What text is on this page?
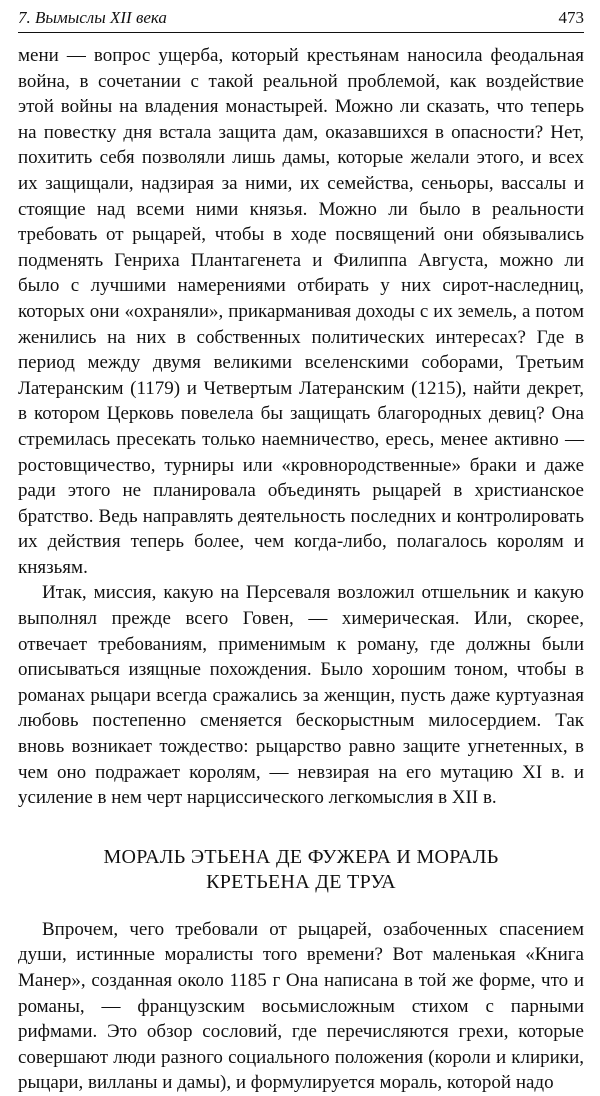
7. Вымыслы XII века	473

мени — вопрос ущерба, который крестьянам наносила феодальная война, в сочетании с такой реальной проблемой, как воздействие этой войны на владения монастырей. Можно ли сказать, что теперь на повестку дня встала защита дам, оказавшихся в опасности? Нет, похитить себя позволяли лишь дамы, которые желали этого, и всех их защищали, надзирая за ними, их семейства, сеньоры, вассалы и стоящие над всеми ними князья. Можно ли было в реальности требовать от рыцарей, чтобы в ходе посвящений они обязывались подменять Генриха Плантагенета и Филиппа Августа, можно ли было с лучшими намерениями отбирать у них сирот-наследниц, которых они «охраняли», прикарманивая доходы с их земель, а потом женились на них в собственных политических интересах? Где в период между двумя великими вселенскими соборами, Третьим Латеранским (1179) и Четвертым Латеранским (1215), найти декрет, в котором Церковь повелела бы защищать благородных девиц? Она стремилась пресекать только наемничество, ересь, менее активно — ростовщичество, турниры или «кровнородственные» браки и даже ради этого не планировала объединять рыцарей в христианское братство. Ведь направлять деятельность последних и контролировать их действия теперь более, чем когда-либо, полагалось королям и князьям.

Итак, миссия, какую на Персеваля возложил отшельник и какую выполнял прежде всего Говен, — химерическая. Или, скорее, отвечает требованиям, применимым к роману, где должны были описываться изящные похождения. Было хорошим тоном, чтобы в романах рыцари всегда сражались за женщин, пусть даже куртуазная любовь постепенно сменяется бескорыстным милосердием. Так вновь возникает тождество: рыцарство равно защите угнетенных, в чем оно подражает королям, — невзирая на его мутацию XI в. и усиление в нем черт нарциссического легкомыслия в XII в.

МОРАЛЬ ЭТЬЕНА ДЕ ФУЖЕРА И МОРАЛЬ
КРЕТЬЕНА ДЕ ТРУА

Впрочем, чего требовали от рыцарей, озабоченных спасением души, истинные моралисты того времени? Вот маленькая «Книга Манер», созданная около 1185 г Она написана в той же форме, что и романы, — французским восьмисложным стихом с парными рифмами. Это обзор сословий, где перечисляются грехи, которые совершают люди разного социального положения (короли и клирики, рыцари, вилланы и дамы), и формулируется мораль, которой надо
